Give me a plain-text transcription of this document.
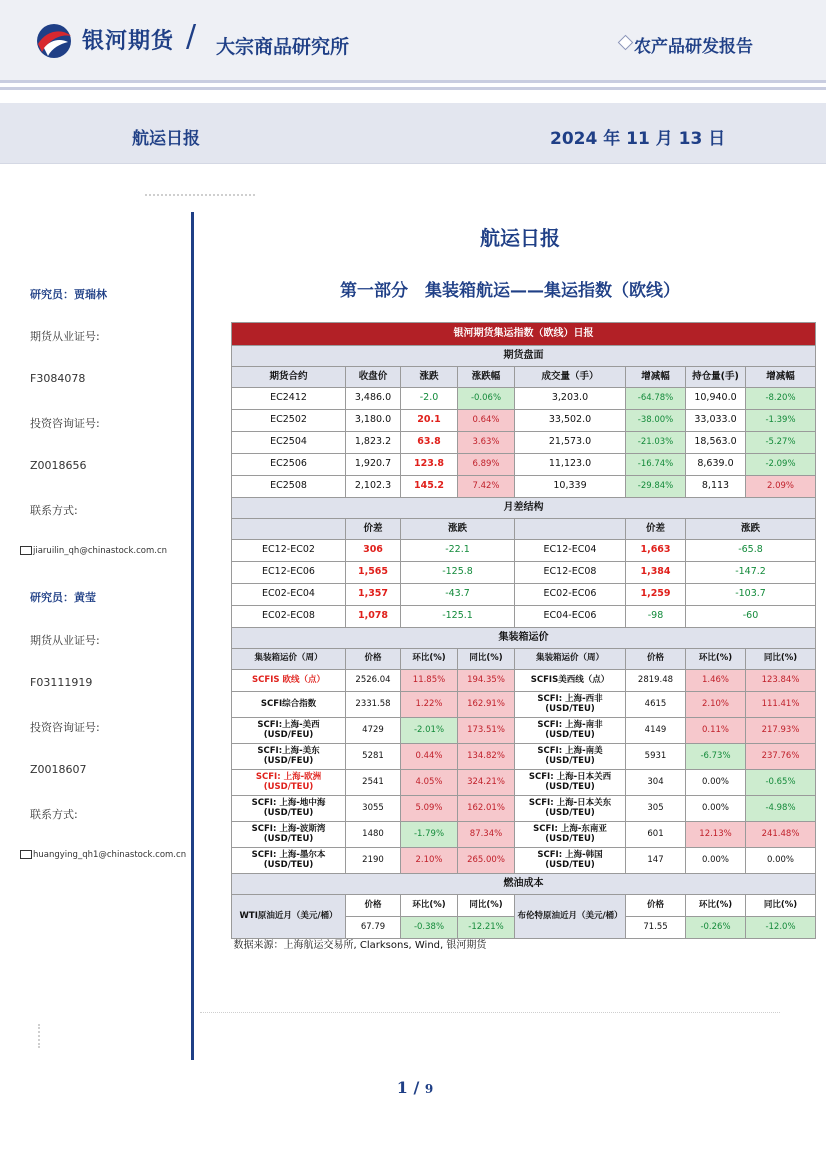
银河期货 / 大宗商品研究所	农产品研发报告
航运日报	2024 年 11 月 13 日
研究员：贾瑞林
期货从业证号:
F3084078
投资咨询证号:
Z0018656
联系方式:
jiaruilin_qh@chinastock.com.cn
研究员：黄莹
期货从业证号:
F03111919
投资咨询证号:
Z0018607
联系方式:
huangying_qh1@chinastock.com.cn
航运日报
第一部分　集装箱航运——集运指数（欧线）
银河期货集运指数（欧线）日报							
期货盘面							
期货合约	收盘价	涨跌	涨跌幅	成交量（手）	增减幅	持仓量(手)	增减幅
EC2412	3,486.0	-2.0	-0.06%	3,203.0	-64.78%	10,940.0	-8.20%
EC2502	3,180.0	20.1	0.64%	33,502.0	-38.00%	33,033.0	-1.39%
EC2504	1,823.2	63.8	3.63%	21,573.0	-21.03%	18,563.0	-5.27%
EC2506	1,920.7	123.8	6.89%	11,123.0	-16.74%	8,639.0	-2.09%
EC2508	2,102.3	145.2	7.42%	10,339	-29.84%	8,113	2.09%
月差结构							
	价差	涨跌			价差	涨跌	
EC12-EC02	306	-22.1		EC12-EC04	1,663	-65.8	
EC12-EC06	1,565	-125.8		EC12-EC08	1,384	-147.2	
EC02-EC04	1,357	-43.7		EC02-EC06	1,259	-103.7	
EC02-EC08	1,078	-125.1		EC04-EC06	-98	-60	
集装箱运价							
集装箱运价（周）	价格	环比(%)	同比(%)	集装箱运价（周）	价格	环比(%)	同比(%)
SCFIS 欧线（点）	2526.04	11.85%	194.35%	SCFIS美西线（点）	2819.48	1.46%	123.84%
SCFI综合指数	2331.58	1.22%	162.91%	SCFI: 上海-西非 (USD/TEU)	4615	2.10%	111.41%
SCFI:上海-美西 (USD/FEU)	4729	-2.01%	173.51%	SCFI: 上海-南非 (USD/TEU)	4149	0.11%	217.93%
SCFI:上海-美东 (USD/FEU)	5281	0.44%	134.82%	SCFI: 上海-南美 (USD/TEU)	5931	-6.73%	237.76%
SCFI: 上海-欧洲 (USD/TEU)	2541	4.05%	324.21%	SCFI: 上海-日本关西 (USD/TEU)	304	0.00%	-0.65%
SCFI: 上海-地中海 (USD/TEU)	3055	5.09%	162.01%	SCFI: 上海-日本关东 (USD/TEU)	305	0.00%	-4.98%
SCFI: 上海-波斯湾 (USD/TEU)	1480	-1.79%	87.34%	SCFI: 上海-东南亚 (USD/TEU)	601	12.13%	241.48%
SCFI: 上海-墨尔本 (USD/TEU)	2190	2.10%	265.00%	SCFI: 上海-韩国 (USD/TEU)	147	0.00%	0.00%
燃油成本							
WTI原油近月（美元/桶）	价格	环比(%)	同比(%)	布伦特原油近月（美元/桶）	价格	环比(%)	同比(%)
	67.79	-0.38%	-12.21%		71.55	-0.26%	-12.0%
数据来源：上海航运交易所, Clarksons, Wind, 银河期货							
1 / 9
